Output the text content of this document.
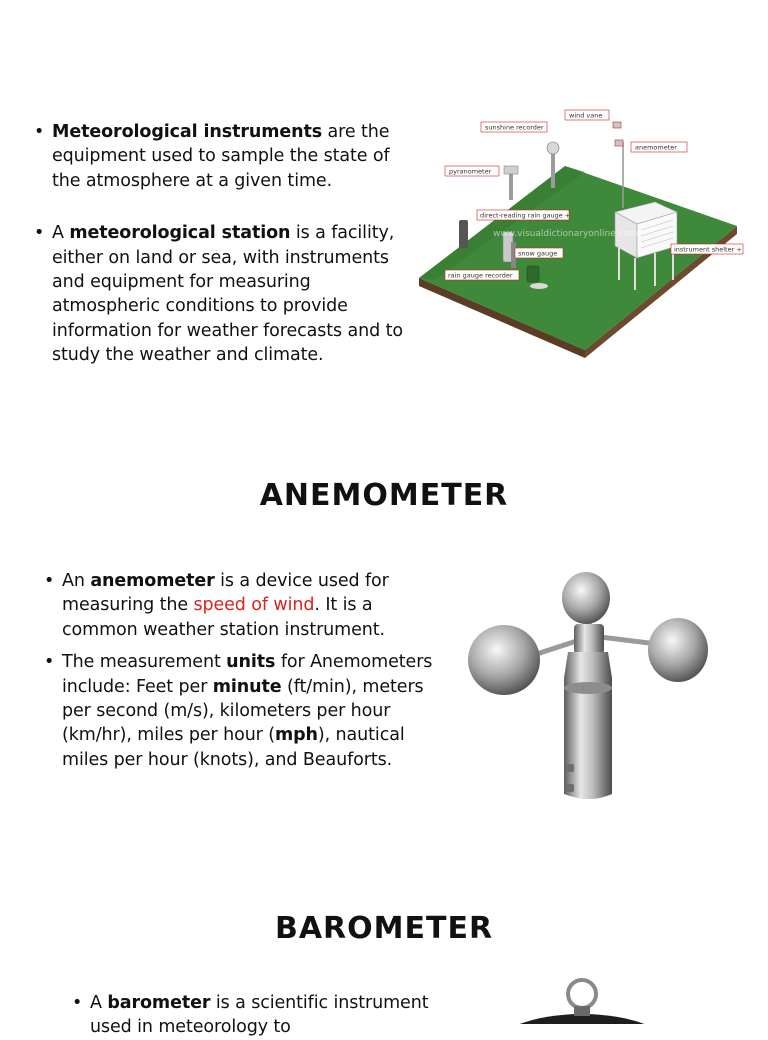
• Meteorological instruments are the equipment used to sample the state of the atmosphere at a given time.
• A meteorological station is a facility, either on land or sea, with instruments and equipment for measuring atmospheric conditions to provide information for weather forecasts and to study the weather and climate.
www.visualdictionaryonline.com
wind vane
sunshine recorder
anemometer
pyranometer
direct-reading rain gauge +
snow gauge	instrument shelter +
rain gauge recorder
ANEMOMETER
• An anemometer is a device used for measuring the speed of wind. It is a common weather station instrument.
• The measurement units for Anemometers include: Feet per minute (ft/min), meters per second (m/s), kilometers per hour (km/hr), miles per hour (mph), nautical miles per hour (knots), and Beauforts.
BAROMETER
• A barometer is a scientific instrument used in meteorology to
